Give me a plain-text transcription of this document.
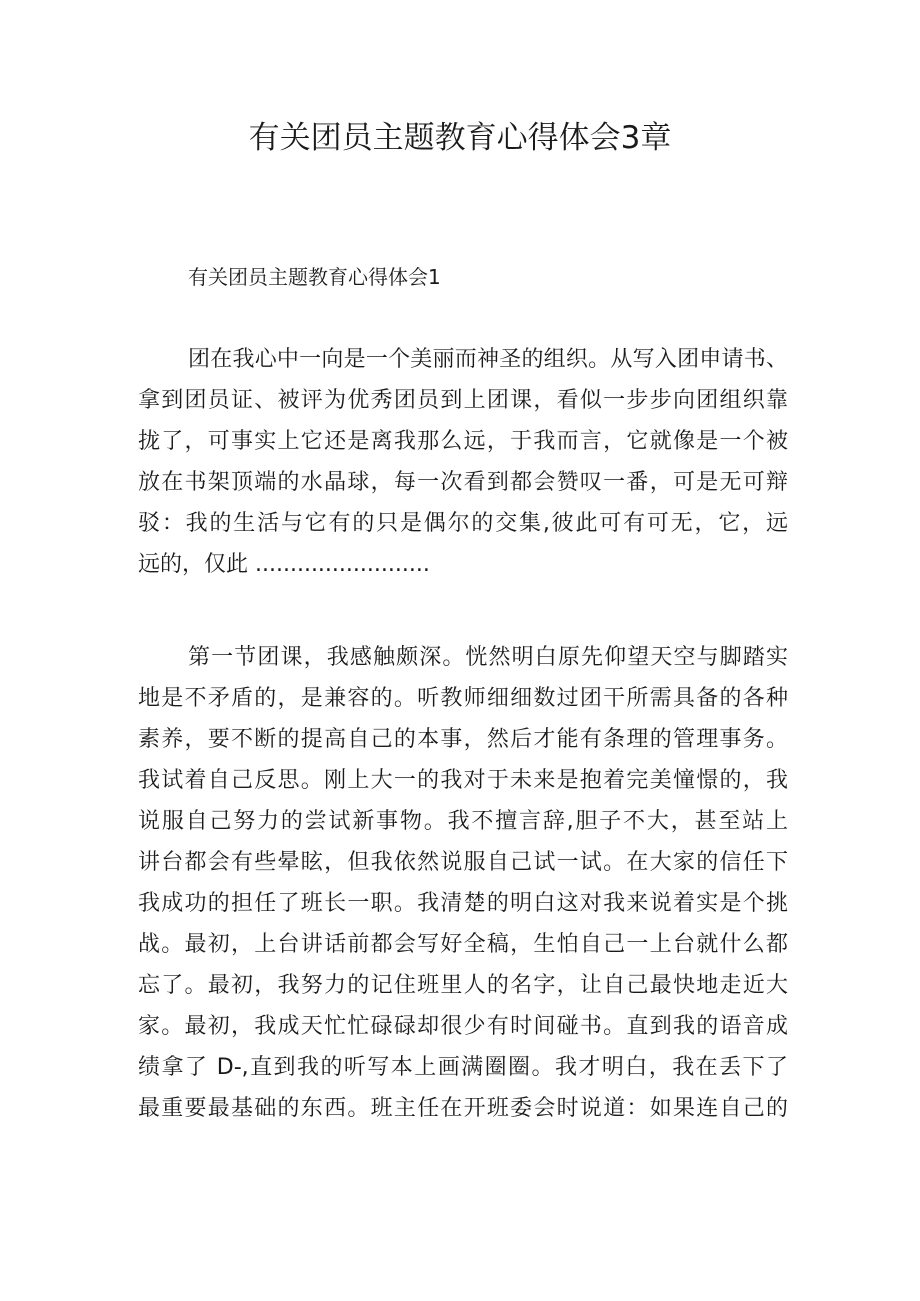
有关团员主题教育心得体会3章

有关团员主题教育心得体会1

团在我心中一向是一个美丽而神圣的组织。从写入团申请书、
拿到团员证、被评为优秀团员到上团课，看似一步步向团组织靠
拢了，可事实上它还是离我那么远，于我而言，它就像是一个被
放在书架顶端的水晶球，每一次看到都会赞叹一番，可是无可辩
驳：我的生活与它有的只是偶尔的交集,彼此可有可无，它，远
远的，仅此 .........................
第一节团课，我感触颇深。恍然明白原先仰望天空与脚踏实
地是不矛盾的，是兼容的。听教师细细数过团干所需具备的各种
素养，要不断的提高自己的本事，然后才能有条理的管理事务。
我试着自己反思。刚上大一的我对于未来是抱着完美憧憬的，我
说服自己努力的尝试新事物。我不擅言辞,胆子不大，甚至站上
讲台都会有些晕眩，但我依然说服自己试一试。在大家的信任下
我成功的担任了班长一职。我清楚的明白这对我来说着实是个挑
战。最初，上台讲话前都会写好全稿，生怕自己一上台就什么都
忘了。最初，我努力的记住班里人的名字，让自己最快地走近大
家。最初，我成天忙忙碌碌却很少有时间碰书。直到我的语音成
绩拿了 D-,直到我的听写本上画满圈圈。我才明白，我在丢下了
最重要最基础的东西。班主任在开班委会时说道：如果连自己的
